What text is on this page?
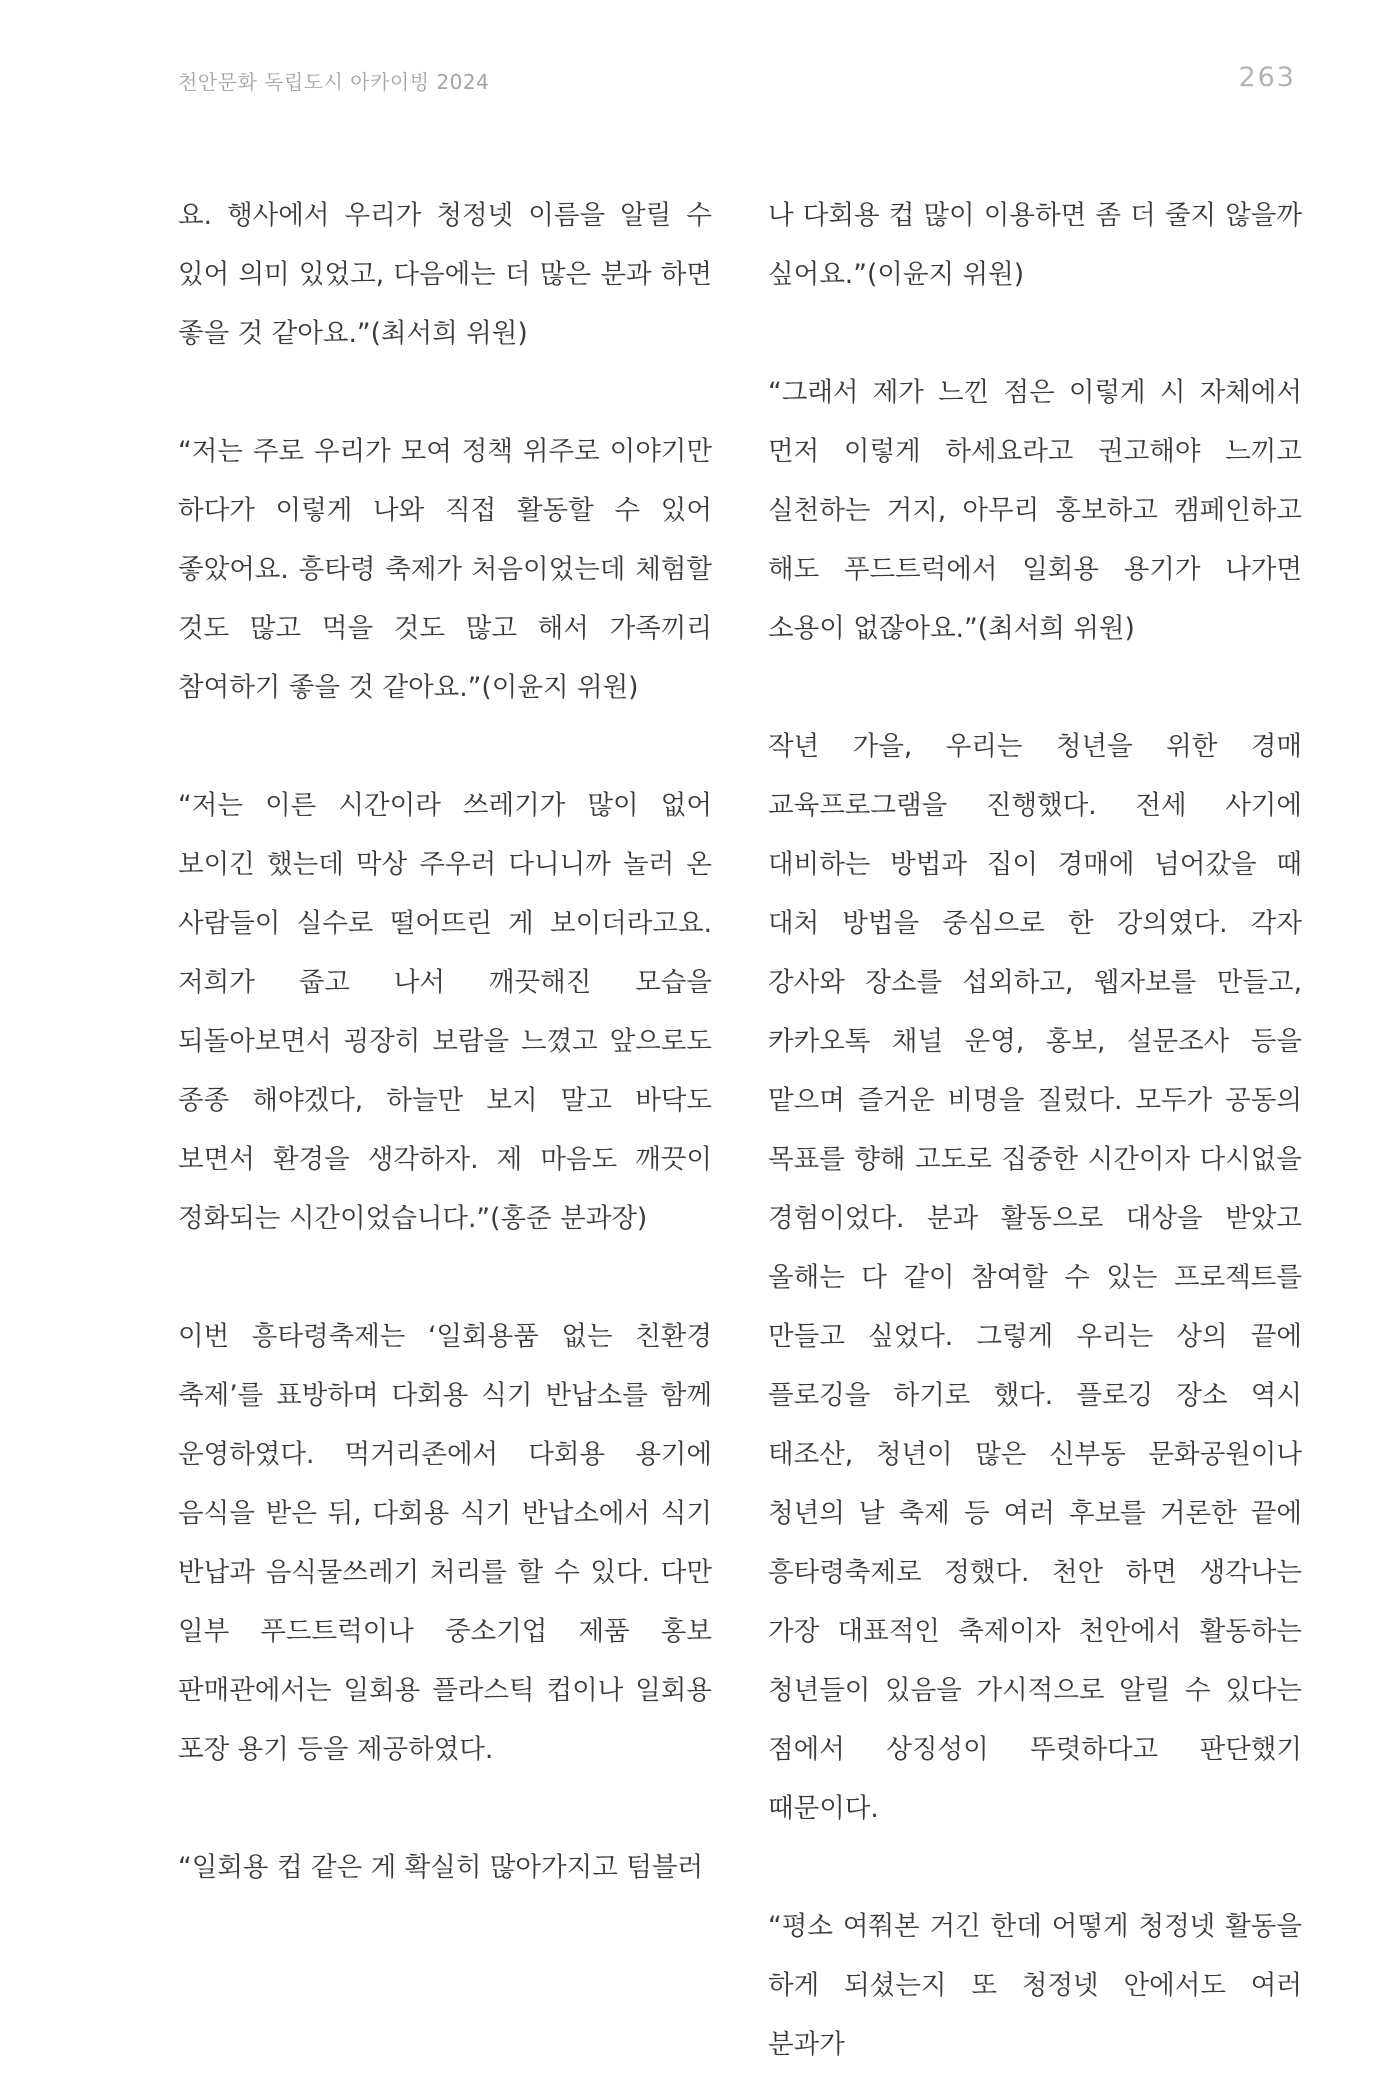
천안문화 독립도시 아카이빙 2024	263

요. 행사에서 우리가 청정넷 이름을 알릴 수 있어 의미 있었고, 다음에는 더 많은 분과 하면 좋을 것 같아요.”(최서희 위원)

“저는 주로 우리가 모여 정책 위주로 이야기만 하다가 이렇게 나와 직접 활동할 수 있어 좋았어요. 흥타령 축제가 처음이었는데 체험할 것도 많고 먹을 것도 많고 해서 가족끼리 참여하기 좋을 것 같아요.”(이윤지 위원)

“저는 이른 시간이라 쓰레기가 많이 없어 보이긴 했는데 막상 주우러 다니니까 놀러 온 사람들이 실수로 떨어뜨린 게 보이더라고요. 저희가 줍고 나서 깨끗해진 모습을 되돌아보면서 굉장히 보람을 느꼈고 앞으로도 종종 해야겠다, 하늘만 보지 말고 바닥도 보면서 환경을 생각하자. 제 마음도 깨끗이 정화되는 시간이었습니다.”(홍준 분과장)

이번 흥타령축제는 ‘일회용품 없는 친환경 축제’를 표방하며 다회용 식기 반납소를 함께 운영하였다. 먹거리존에서 다회용 용기에 음식을 받은 뒤, 다회용 식기 반납소에서 식기 반납과 음식물쓰레기 처리를 할 수 있다. 다만 일부 푸드트럭이나 중소기업 제품 홍보 판매관에서는 일회용 플라스틱 컵이나 일회용 포장 용기 등을 제공하였다.

“일회용 컵 같은 게 확실히 많아가지고 텀블러

나 다회용 컵 많이 이용하면 좀 더 줄지 않을까 싶어요.”(이윤지 위원)

“그래서 제가 느낀 점은 이렇게 시 자체에서 먼저 이렇게 하세요라고 권고해야 느끼고 실천하는 거지, 아무리 홍보하고 캠페인하고 해도 푸드트럭에서 일회용 용기가 나가면 소용이 없잖아요.”(최서희 위원)

작년 가을, 우리는 청년을 위한 경매 교육프로그램을 진행했다. 전세 사기에 대비하는 방법과 집이 경매에 넘어갔을 때 대처 방법을 중심으로 한 강의였다. 각자 강사와 장소를 섭외하고, 웹자보를 만들고, 카카오톡 채널 운영, 홍보, 설문조사 등을 맡으며 즐거운 비명을 질렀다. 모두가 공동의 목표를 향해 고도로 집중한 시간이자 다시없을 경험이었다. 분과 활동으로 대상을 받았고 올해는 다 같이 참여할 수 있는 프로젝트를 만들고 싶었다. 그렇게 우리는 상의 끝에 플로깅을 하기로 했다. 플로깅 장소 역시 태조산, 청년이 많은 신부동 문화공원이나 청년의 날 축제 등 여러 후보를 거론한 끝에 흥타령축제로 정했다. 천안 하면 생각나는 가장 대표적인 축제이자 천안에서 활동하는 청년들이 있음을 가시적으로 알릴 수 있다는 점에서 상징성이 뚜렷하다고 판단했기 때문이다.

“평소 여쭤본 거긴 한데 어떻게 청정넷 활동을 하게 되셨는지 또 청정넷 안에서도 여러 분과가
